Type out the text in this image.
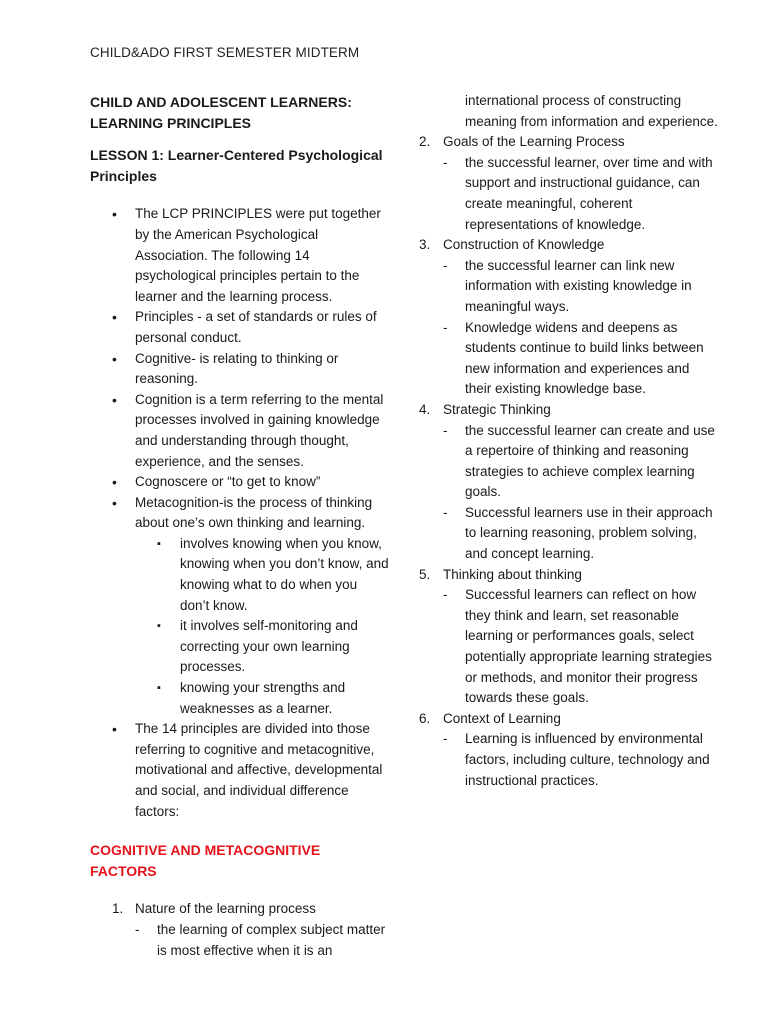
CHILD&ADO FIRST SEMESTER MIDTERM

CHILD AND ADOLESCENT LEARNERS:
LEARNING PRINCIPLES

LESSON 1: Learner-Centered Psychological
Principles

• The LCP PRINCIPLES were put together by the American Psychological Association. The following 14 psychological principles pertain to the learner and the learning process.
• Principles - a set of standards or rules of personal conduct.
• Cognitive- is relating to thinking or reasoning.
• Cognition is a term referring to the mental processes involved in gaining knowledge and understanding through thought, experience, and the senses.
• Cognoscere or “to get to know”
• Metacognition-is the process of thinking about one’s own thinking and learning.
▪ involves knowing when you know, knowing when you don’t know, and knowing what to do when you don’t know.
▪ it involves self-monitoring and correcting your own learning processes.
▪ knowing your strengths and weaknesses as a learner.
• The 14 principles are divided into those referring to cognitive and metacognitive, motivational and affective, developmental and social, and individual difference factors:

COGNITIVE AND METACOGNITIVE FACTORS

1. Nature of the learning process
- the learning of complex subject matter is most effective when it is an
international process of constructing meaning from information and experience.
2. Goals of the Learning Process
- the successful learner, over time and with support and instructional guidance, can create meaningful, coherent representations of knowledge.
3. Construction of Knowledge
- the successful learner can link new information with existing knowledge in meaningful ways.
- Knowledge widens and deepens as students continue to build links between new information and experiences and their existing knowledge base.
4. Strategic Thinking
- the successful learner can create and use a repertoire of thinking and reasoning strategies to achieve complex learning goals.
- Successful learners use in their approach to learning reasoning, problem solving, and concept learning.
5. Thinking about thinking
- Successful learners can reflect on how they think and learn, set reasonable learning or performances goals, select potentially appropriate learning strategies or methods, and monitor their progress towards these goals.
6. Context of Learning
- Learning is influenced by environmental factors, including culture, technology and instructional practices.
